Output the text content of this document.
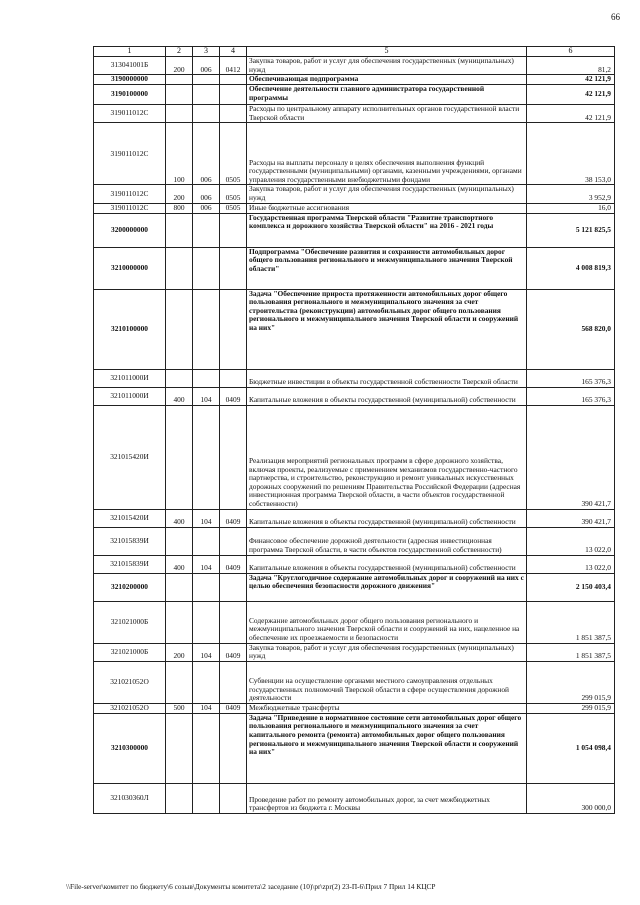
66
1	2	3	4	5	6
313041001Б	200	006	0412	Закупка товаров, работ и услуг для обеспечения государственных (муниципальных) нужд	81,2
3190000000				Обеспечивающая подпрограмма	42 121,9
3190100000				Обеспечение деятельности главного администратора государственной программы	42 121,9
319011012С				Расходы по центральному аппарату исполнительных органов государственной власти Тверской области	42 121,9
319011012С	100	006	0505	Расходы на выплаты персоналу в целях обеспечения выполнения функций государственными (муниципальными) органами, казенными учреждениями, органами управления государственными внебюджетными фондами	38 153,0
319011012С	200	006	0505	Закупка товаров, работ и услуг для обеспечения государственных (муниципальных) нужд	3 952,9
319011012С	800	006	0505	Иные бюджетные ассигнования	16,0
3200000000				Государственная программа Тверской области "Развитие транспортного комплекса и дорожного хозяйства Тверской области" на 2016 - 2021 годы	5 121 825,5
3210000000				Подпрограмма "Обеспечение развития и сохранности автомобильных дорог общего пользования регионального и межмуниципального значения Тверской области"	4 008 819,3
3210100000				Задача "Обеспечение прироста протяженности автомобильных дорог общего пользования регионального и межмуниципального значения за счет строительства (реконструкции) автомобильных дорог общего пользования регионального и межмуниципального значения Тверской области и сооружений на них"	568 820,0
321011000И				Бюджетные инвестиции в объекты государственной собственности Тверской области	165 376,3
321011000И	400	104	0409	Капитальные вложения в объекты государственной (муниципальной) собственности	165 376,3
321015420И				Реализация мероприятий региональных программ в сфере дорожного хозяйства, включая проекты, реализуемые с применением механизмов государственно-частного партнерства, и строительство, реконструкцию и ремонт уникальных искусственных дорожных сооружений по решениям Правительства Российской Федерации (адресная инвестиционная программа Тверской области, в части объектов государственной собственности)	390 421,7
321015420И	400	104	0409	Капитальные вложения в объекты государственной (муниципальной) собственности	390 421,7
321015839И				Финансовое обеспечение дорожной деятельности (адресная инвестиционная программа Тверской области, в части объектов государственной собственности)	13 022,0
321015839И	400	104	0409	Капитальные вложения в объекты государственной (муниципальной) собственности	13 022,0
3210200000				Задача "Круглогодичное содержание автомобильных дорог и сооружений на них с целью обеспечения безопасности дорожного движения"	2 150 403,4
321021000Б				Содержание автомобильных дорог общего пользования регионального и межмуниципального значения Тверской области и сооружений на них, нацеленное на обеспечение их проезжаемости и безопасности	1 851 387,5
321021000Б	200	104	0409	Закупка товаров, работ и услуг для обеспечения государственных (муниципальных) нужд	1 851 387,5
321021052О				Субвенции на осуществление органами местного самоуправления отдельных государственных полномочий Тверской области в сфере осуществления дорожной деятельности	299 015,9
321021052О	500	104	0409	Межбюджетные трансферты	299 015,9
3210300000				Задача "Приведение в нормативное состояние сети автомобильных дорог общего пользования регионального и межмуниципального значения за счет капитального ремонта (ремонта) автомобильных дорог общего пользования регионального и межмуниципального значения Тверской области и сооружений на них"	1 054 098,4
321030360Л				Проведение работ по ремонту автомобильных дорог, за счет межбюджетных трансфертов из бюджета г. Москвы	300 000,0
\\File-server\комитет по бюджету\6 созыв\Документы комитета\2 заседание (10)\pr\zpr(2) 23-П-6\Прил 7 Прил 14 КЦСР
